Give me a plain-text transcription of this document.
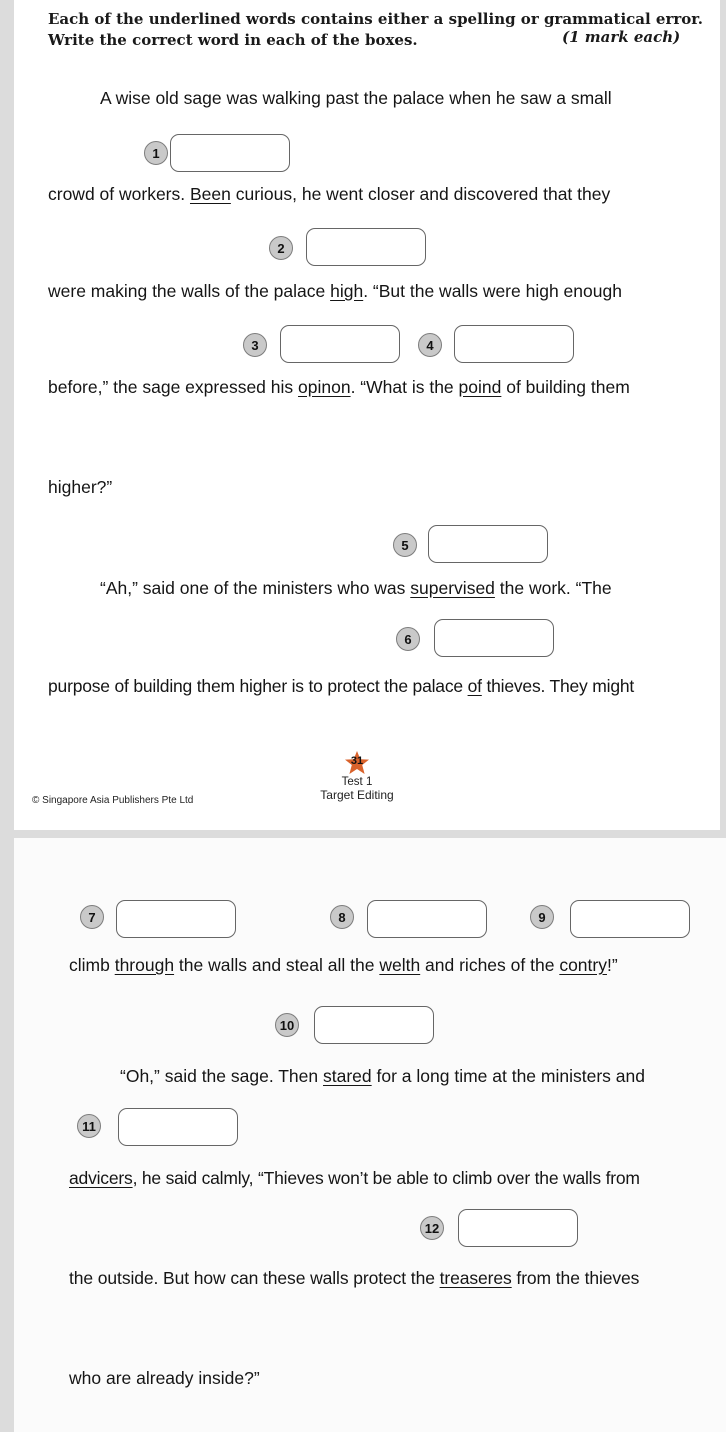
Each of the underlined words contains either a spelling or grammatical error.
Write the correct word in each of the boxes.	(1 mark each)
A wise old sage was walking past the palace when he saw a small
1
crowd of workers. Been curious, he went closer and discovered that they
2
were making the walls of the palace high. “But the walls were high enough
3	4
before,” the sage expressed his opinon. “What is the poind of building them
higher?”
5
“Ah,” said one of the ministers who was supervised the work. “The
6
purpose of building them higher is to protect the palace of thieves. They might
© Singapore Asia Publishers Pte Ltd
31
Test 1
Target Editing
7	8	9
climb through the walls and steal all the welth and riches of the contry!”
10
“Oh,” said the sage. Then stared for a long time at the ministers and
11
advicers, he said calmly, “Thieves won’t be able to climb over the walls from
12
the outside. But how can these walls protect the treaseres from the thieves
who are already inside?”
